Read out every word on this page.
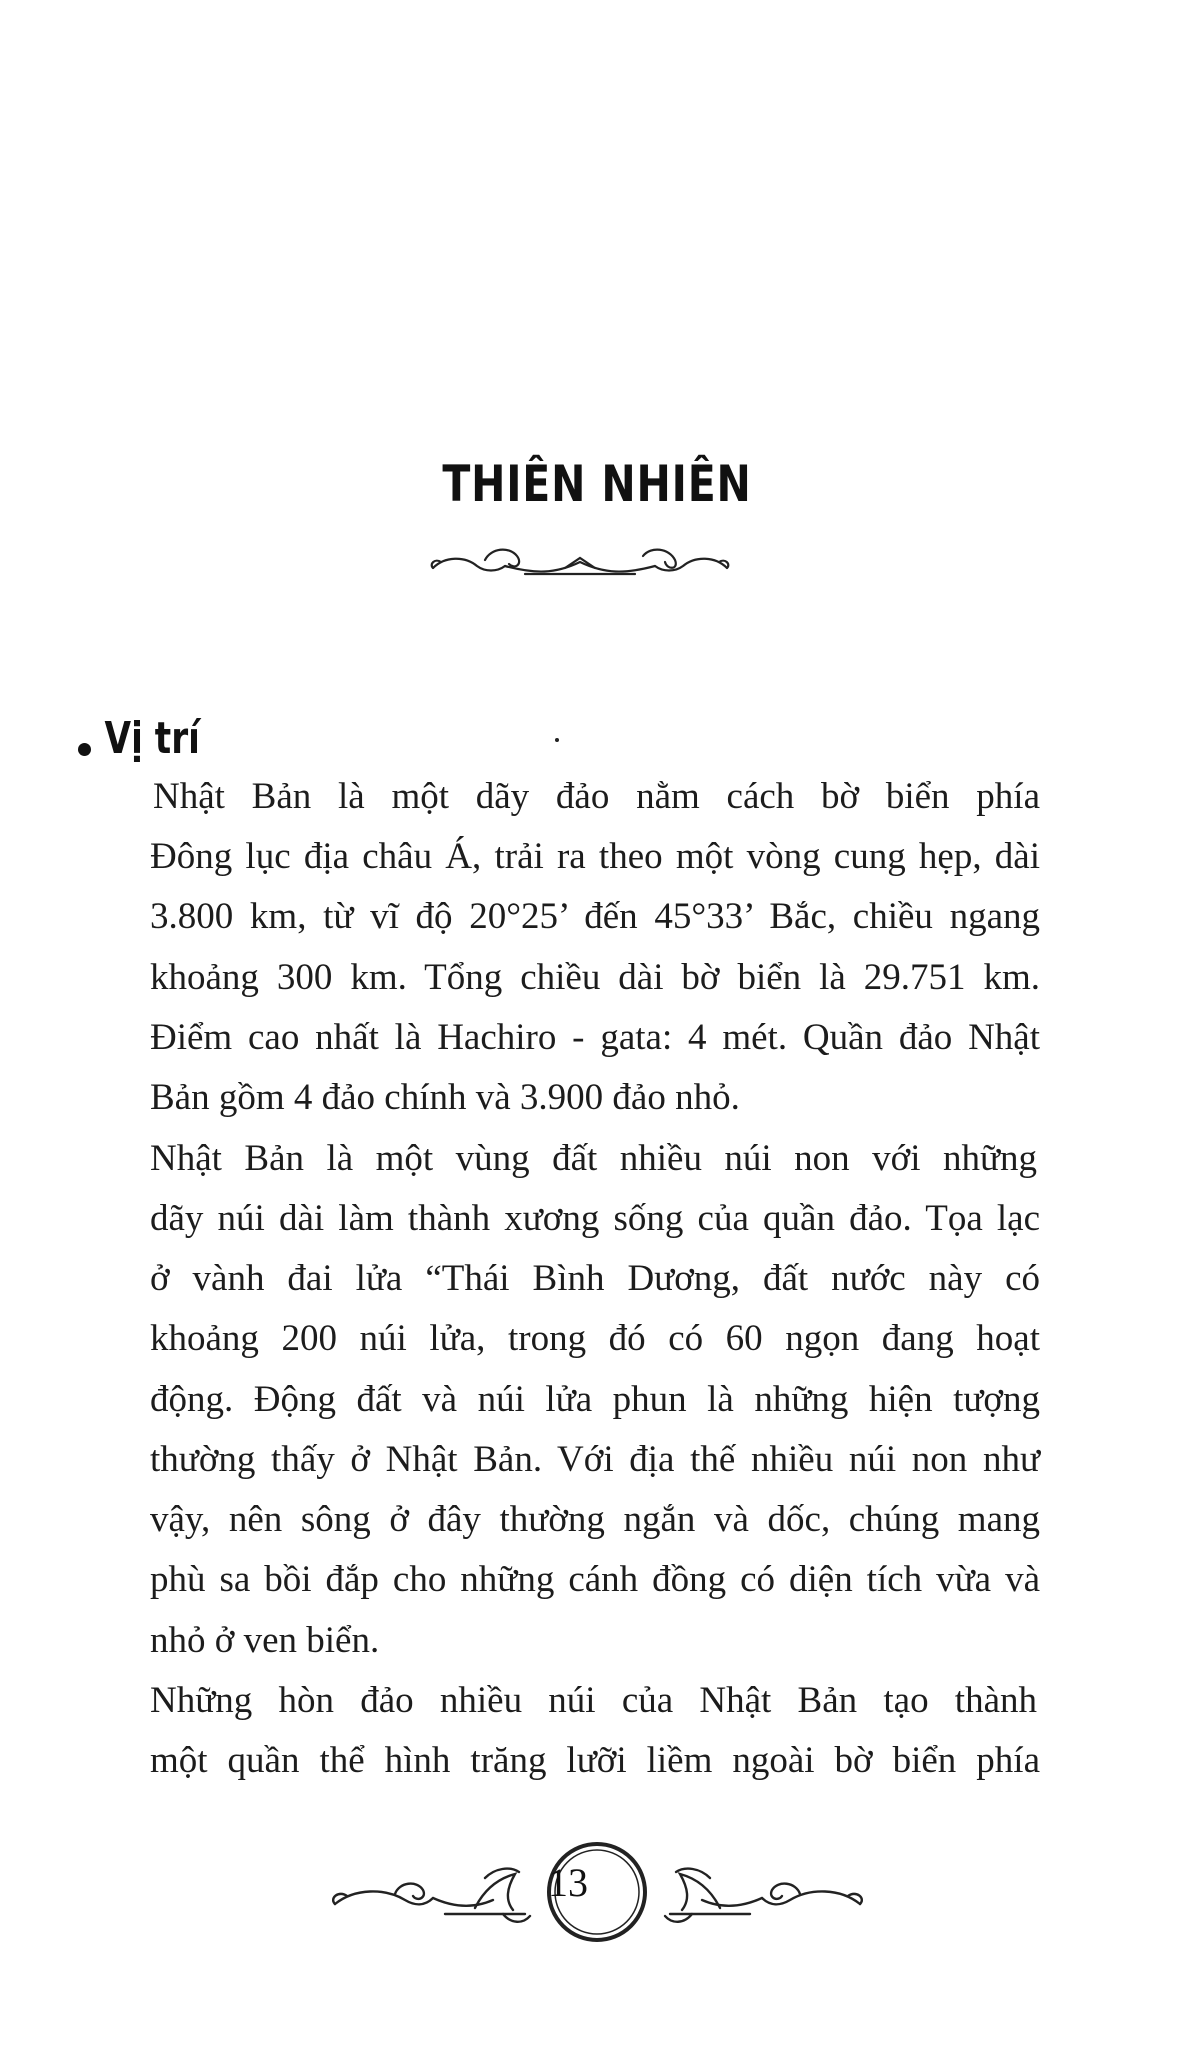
THIÊN NHIÊN
Vị trí
Nhật Bản là một dãy đảo nằm cách bờ biển phía
Đông lục địa châu Á, trải ra theo một vòng cung hẹp, dài
3.800 km, từ vĩ độ 20°25’ đến 45°33’ Bắc, chiều ngang
khoảng 300 km. Tổng chiều dài bờ biển là 29.751 km.
Điểm cao nhất là Hachiro - gata: 4 mét. Quần đảo Nhật
Bản gồm 4 đảo chính và 3.900 đảo nhỏ.
Nhật Bản là một vùng đất nhiều núi non với những
dãy núi dài làm thành xương sống của quần đảo. Tọa lạc
ở vành đai lửa “Thái Bình Dương, đất nước này có
khoảng 200 núi lửa, trong đó có 60 ngọn đang hoạt
động. Động đất và núi lửa phun là những hiện tượng
thường thấy ở Nhật Bản. Với địa thế nhiều núi non như
vậy, nên sông ở đây thường ngắn và dốc, chúng mang
phù sa bồi đắp cho những cánh đồng có diện tích vừa và
nhỏ ở ven biển.
Những hòn đảo nhiều núi của Nhật Bản tạo thành
một quần thể hình trăng lưỡi liềm ngoài bờ biển phía
13
